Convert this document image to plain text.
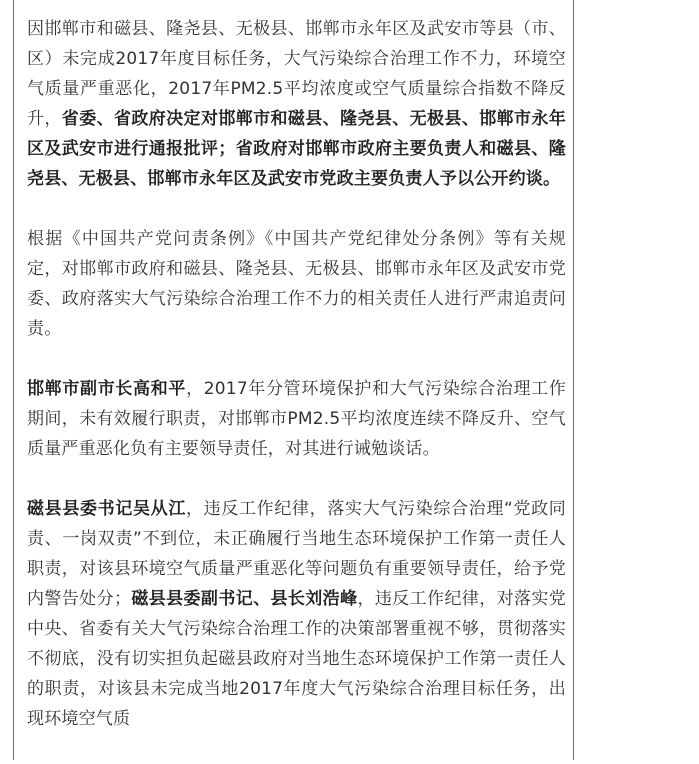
因邯郸市和磁县、隆尧县、无极县、邯郸市永年区及武安市等县（市、区）未完成2017年度目标任务，大气污染综合治理工作不力，环境空气质量严重恶化，2017年PM2.5平均浓度或空气质量综合指数不降反升，省委、省政府决定对邯郸市和磁县、隆尧县、无极县、邯郸市永年区及武安市进行通报批评；省政府对邯郸市政府主要负责人和磁县、隆尧县、无极县、邯郸市永年区及武安市党政主要负责人予以公开约谈。

根据《中国共产党问责条例》《中国共产党纪律处分条例》等有关规定，对邯郸市政府和磁县、隆尧县、无极县、邯郸市永年区及武安市党委、政府落实大气污染综合治理工作不力的相关责任人进行严肃追责问责。

邯郸市副市长高和平，2017年分管环境保护和大气污染综合治理工作期间，未有效履行职责，对邯郸市PM2.5平均浓度连续不降反升、空气质量严重恶化负有主要领导责任，对其进行诫勉谈话。

磁县县委书记吴从江，违反工作纪律，落实大气污染综合治理“党政同责、一岗双责”不到位，未正确履行当地生态环境保护工作第一责任人职责，对该县环境空气质量严重恶化等问题负有重要领导责任，给予党内警告处分；磁县县委副书记、县长刘浩峰，违反工作纪律，对落实党中央、省委有关大气污染综合治理工作的决策部署重视不够，贯彻落实不彻底，没有切实担负起磁县政府对当地生态环境保护工作第一责任人的职责，对该县未完成当地2017年度大气污染综合治理目标任务，出现环境空气质
